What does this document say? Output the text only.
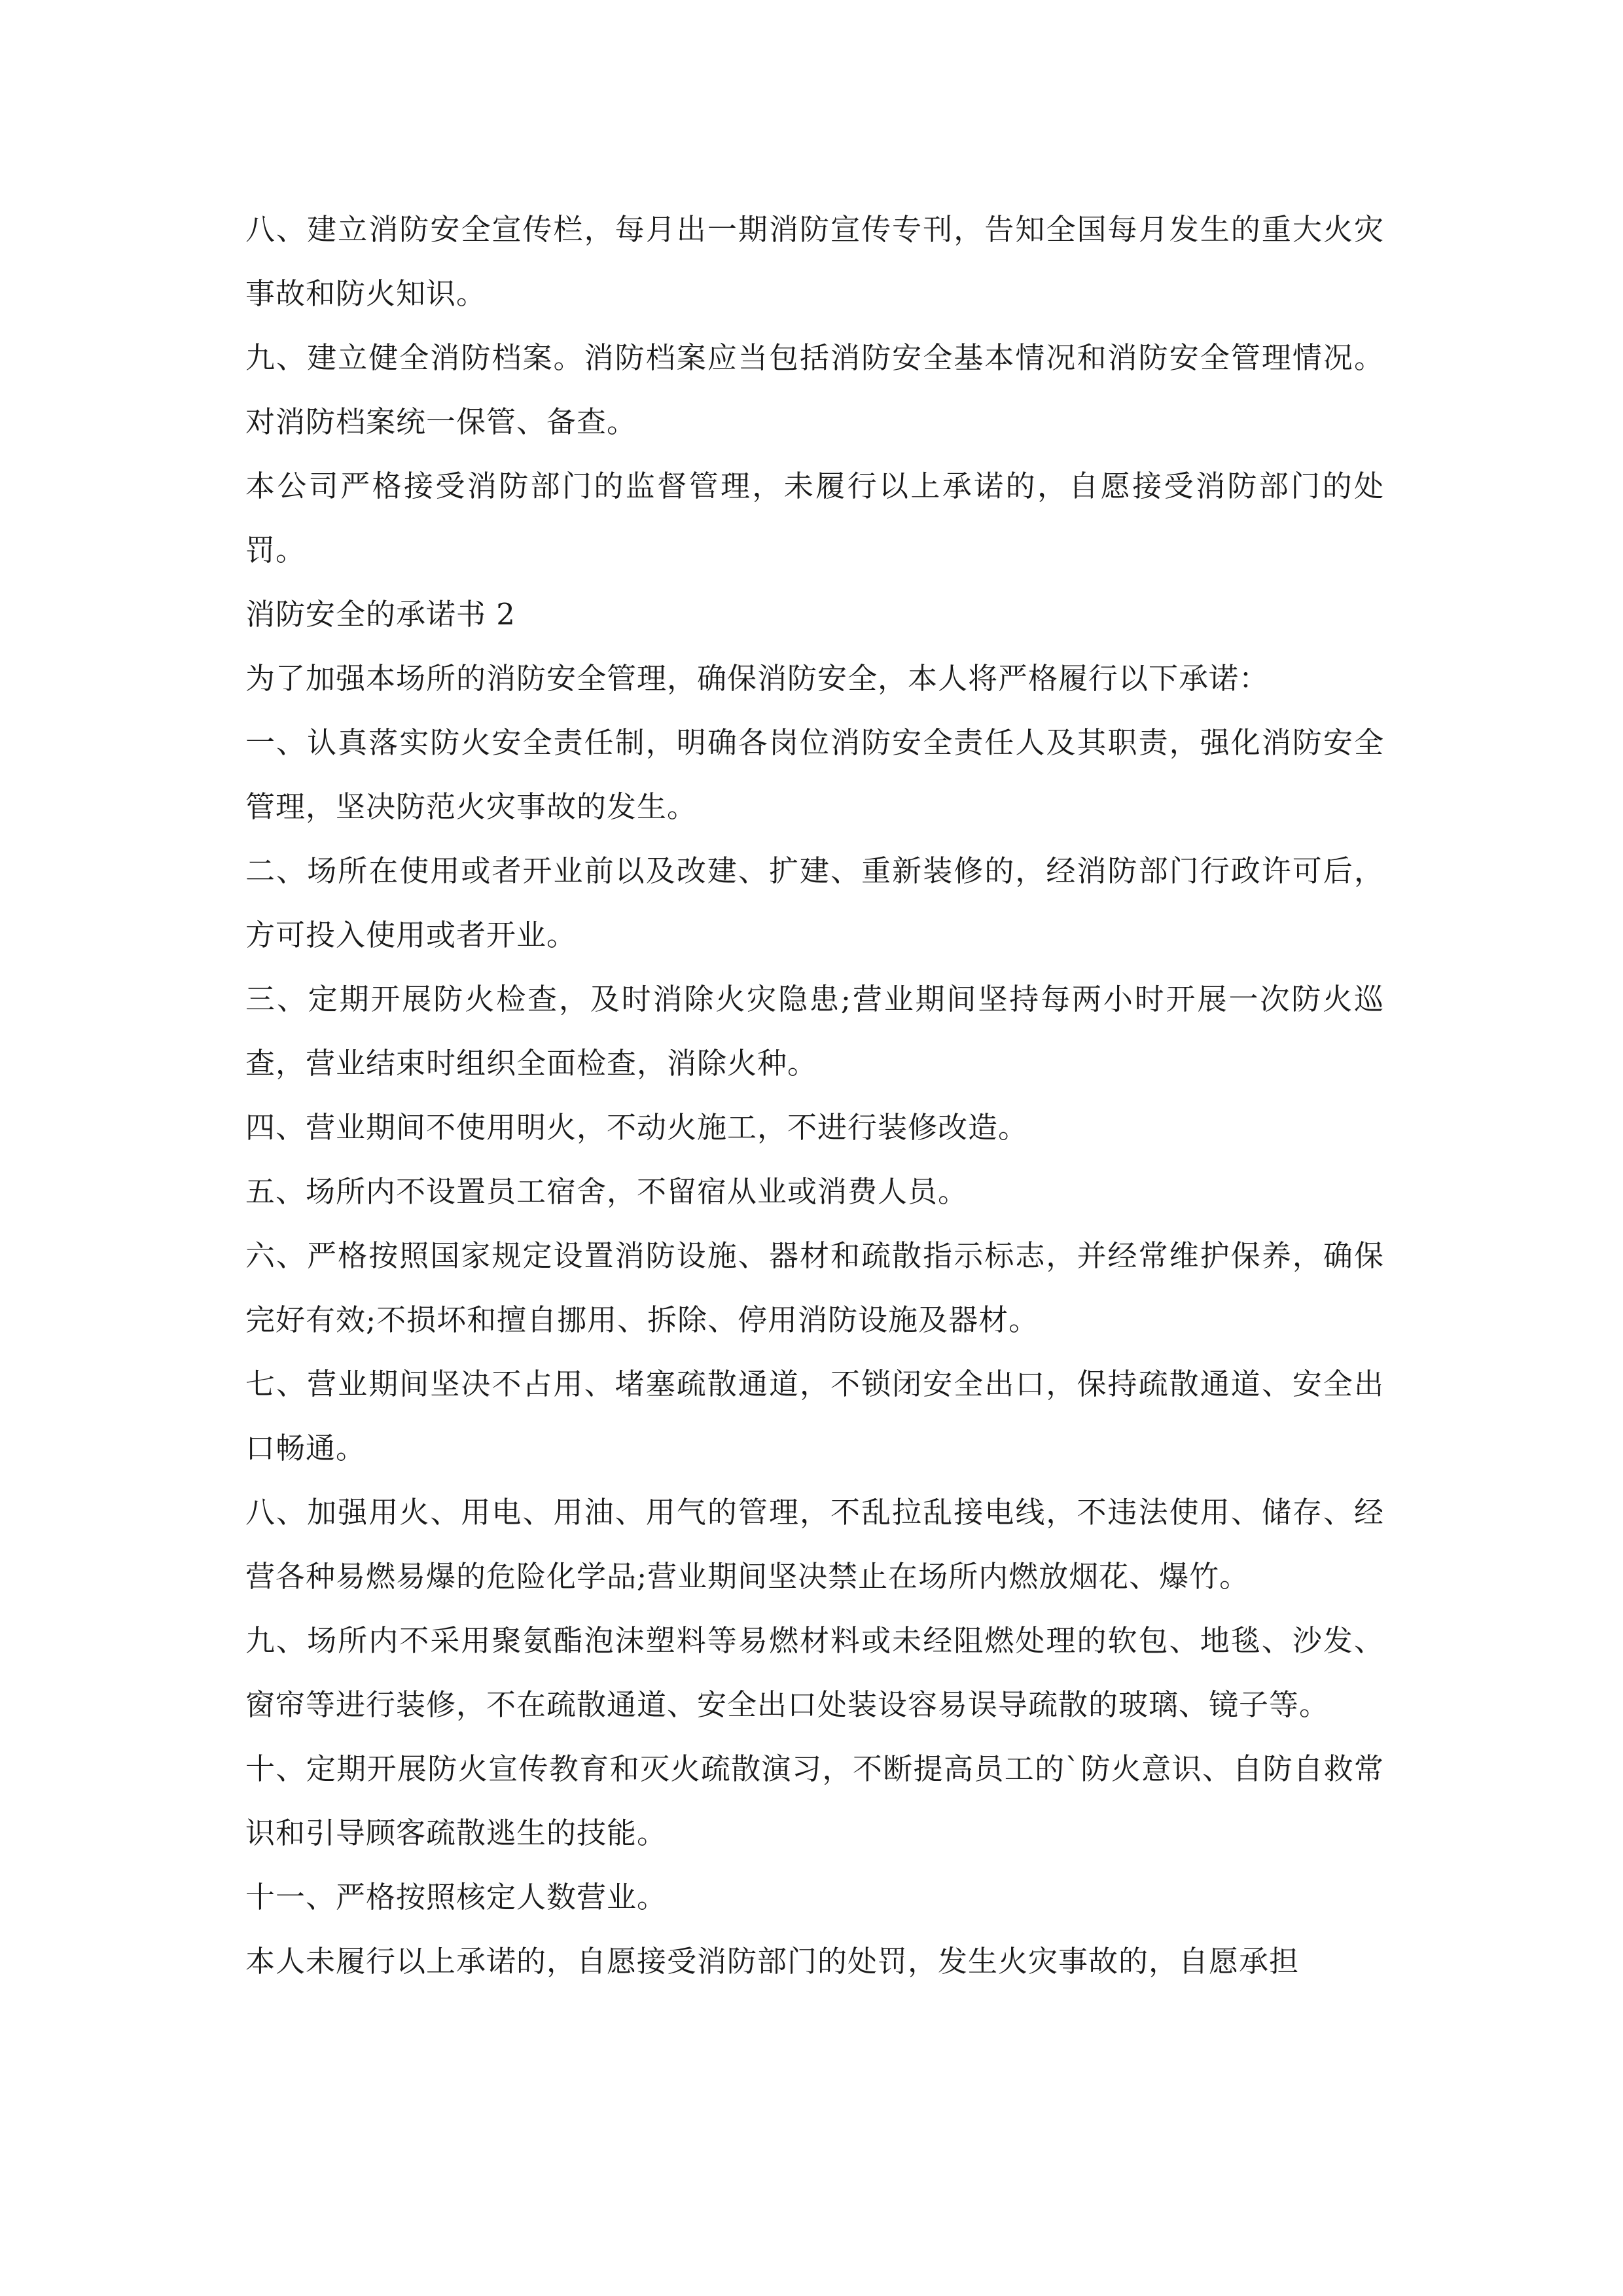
八、建立消防安全宣传栏，每月出一期消防宣传专刊，告知全国每月发生的重大火灾事故和防火知识。

九、建立健全消防档案。消防档案应当包括消防安全基本情况和消防安全管理情况。对消防档案统一保管、备查。

本公司严格接受消防部门的监督管理，未履行以上承诺的，自愿接受消防部门的处罚。

消防安全的承诺书 2

为了加强本场所的消防安全管理，确保消防安全，本人将严格履行以下承诺：

一、认真落实防火安全责任制，明确各岗位消防安全责任人及其职责，强化消防安全管理，坚决防范火灾事故的发生。

二、场所在使用或者开业前以及改建、扩建、重新装修的，经消防部门行政许可后，方可投入使用或者开业。

三、定期开展防火检查，及时消除火灾隐患;营业期间坚持每两小时开展一次防火巡查，营业结束时组织全面检查，消除火种。

四、营业期间不使用明火，不动火施工，不进行装修改造。

五、场所内不设置员工宿舍，不留宿从业或消费人员。

六、严格按照国家规定设置消防设施、器材和疏散指示标志，并经常维护保养，确保完好有效;不损坏和擅自挪用、拆除、停用消防设施及器材。

七、营业期间坚决不占用、堵塞疏散通道，不锁闭安全出口，保持疏散通道、安全出口畅通。

八、加强用火、用电、用油、用气的管理，不乱拉乱接电线，不违法使用、储存、经营各种易燃易爆的危险化学品;营业期间坚决禁止在场所内燃放烟花、爆竹。

九、场所内不采用聚氨酯泡沫塑料等易燃材料或未经阻燃处理的软包、地毯、沙发、窗帘等进行装修，不在疏散通道、安全出口处装设容易误导疏散的玻璃、镜子等。

十、定期开展防火宣传教育和灭火疏散演习，不断提高员工的`防火意识、自防自救常识和引导顾客疏散逃生的技能。

十一、严格按照核定人数营业。

本人未履行以上承诺的，自愿接受消防部门的处罚，发生火灾事故的，自愿承担
